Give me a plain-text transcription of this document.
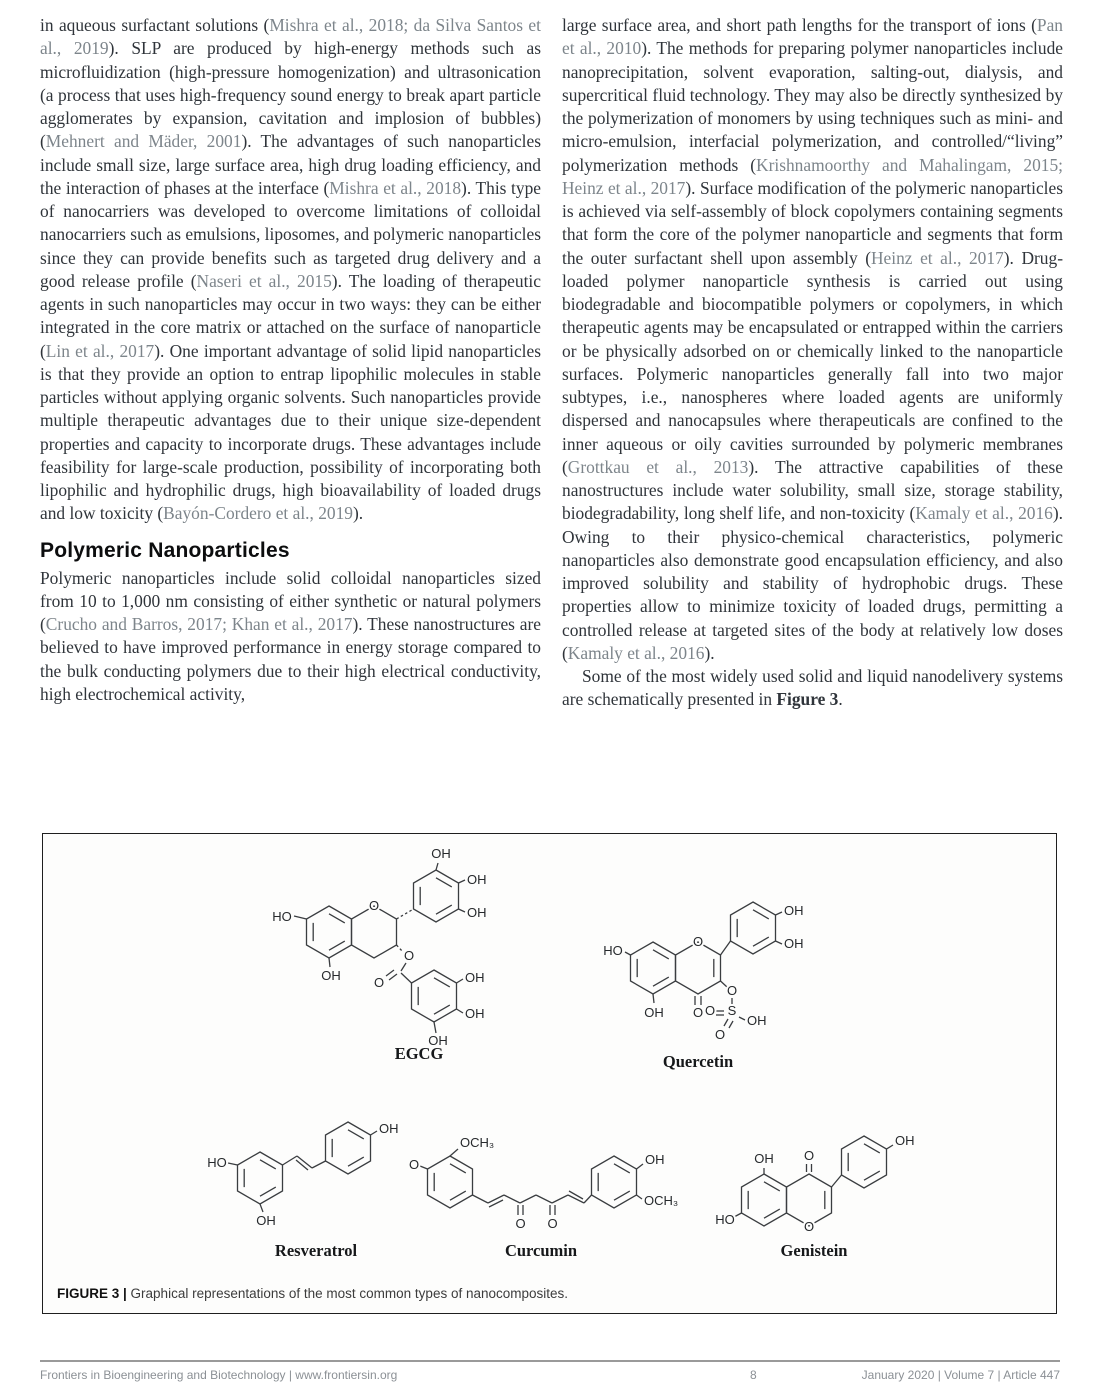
in aqueous surfactant solutions (Mishra et al., 2018; da Silva Santos et al., 2019). SLP are produced by high-energy methods such as microfluidization (high-pressure homogenization) and ultrasonication (a process that uses high-frequency sound energy to break apart particle agglomerates by expansion, cavitation and implosion of bubbles) (Mehnert and Mäder, 2001). The advantages of such nanoparticles include small size, large surface area, high drug loading efficiency, and the interaction of phases at the interface (Mishra et al., 2018). This type of nanocarriers was developed to overcome limitations of colloidal nanocarriers such as emulsions, liposomes, and polymeric nanoparticles since they can provide benefits such as targeted drug delivery and a good release profile (Naseri et al., 2015). The loading of therapeutic agents in such nanoparticles may occur in two ways: they can be either integrated in the core matrix or attached on the surface of nanoparticle (Lin et al., 2017). One important advantage of solid lipid nanoparticles is that they provide an option to entrap lipophilic molecules in stable particles without applying organic solvents. Such nanoparticles provide multiple therapeutic advantages due to their unique size-dependent properties and capacity to incorporate drugs. These advantages include feasibility for large-scale production, possibility of incorporating both lipophilic and hydrophilic drugs, high bioavailability of loaded drugs and low toxicity (Bayón-Cordero et al., 2019).

Polymeric Nanoparticles

Polymeric nanoparticles include solid colloidal nanoparticles sized from 10 to 1,000 nm consisting of either synthetic or natural polymers (Crucho and Barros, 2017; Khan et al., 2017). These nanostructures are believed to have improved performance in energy storage compared to the bulk conducting polymers due to their high electrical conductivity, high electrochemical activity,

large surface area, and short path lengths for the transport of ions (Pan et al., 2010). The methods for preparing polymer nanoparticles include nanoprecipitation, solvent evaporation, salting-out, dialysis, and supercritical fluid technology. They may also be directly synthesized by the polymerization of monomers by using techniques such as mini- and micro-emulsion, interfacial polymerization, and controlled/“living” polymerization methods (Krishnamoorthy and Mahalingam, 2015; Heinz et al., 2017). Surface modification of the polymeric nanoparticles is achieved via self-assembly of block copolymers containing segments that form the core of the polymer nanoparticle and segments that form the outer surfactant shell upon assembly (Heinz et al., 2017). Drug-loaded polymer nanoparticle synthesis is carried out using biodegradable and biocompatible polymers or copolymers, in which therapeutic agents may be encapsulated or entrapped within the carriers or be physically adsorbed on or chemically linked to the nanoparticle surfaces. Polymeric nanoparticles generally fall into two major subtypes, i.e., nanospheres where loaded agents are uniformly dispersed and nanocapsules where therapeuticals are confined to the inner aqueous or oily cavities surrounded by polymeric membranes (Grottkau et al., 2013). The attractive capabilities of these nanostructures include water solubility, small size, storage stability, biodegradability, long shelf life, and non-toxicity (Kamaly et al., 2016). Owing to their physico-chemical characteristics, polymeric nanoparticles also demonstrate good encapsulation efficiency, and also improved solubility and stability of hydrophobic drugs. These properties allow to minimize toxicity of loaded drugs, permitting a controlled release at targeted sites of the body at relatively low doses (Kamaly et al., 2016).

Some of the most widely used solid and liquid nanodelivery systems are schematically presented in Figure 3.

HO
O
OH
OH
OH
OH
O
O	OH
OH
OH
EGCG
HO
O
OH O
OH
OH
O
O S
OH
O
Quercetin
HO
OH
OH
Resveratrol
OCH₃
O
O O
OH
OCH₃
Curcumin
OH O
HO	O
OH
Genistein
FIGURE 3 | Graphical representations of the most common types of nanocomposites.
Frontiers in Bioengineering and Biotechnology | www.frontiersin.org	8	January 2020 | Volume 7 | Article 447
